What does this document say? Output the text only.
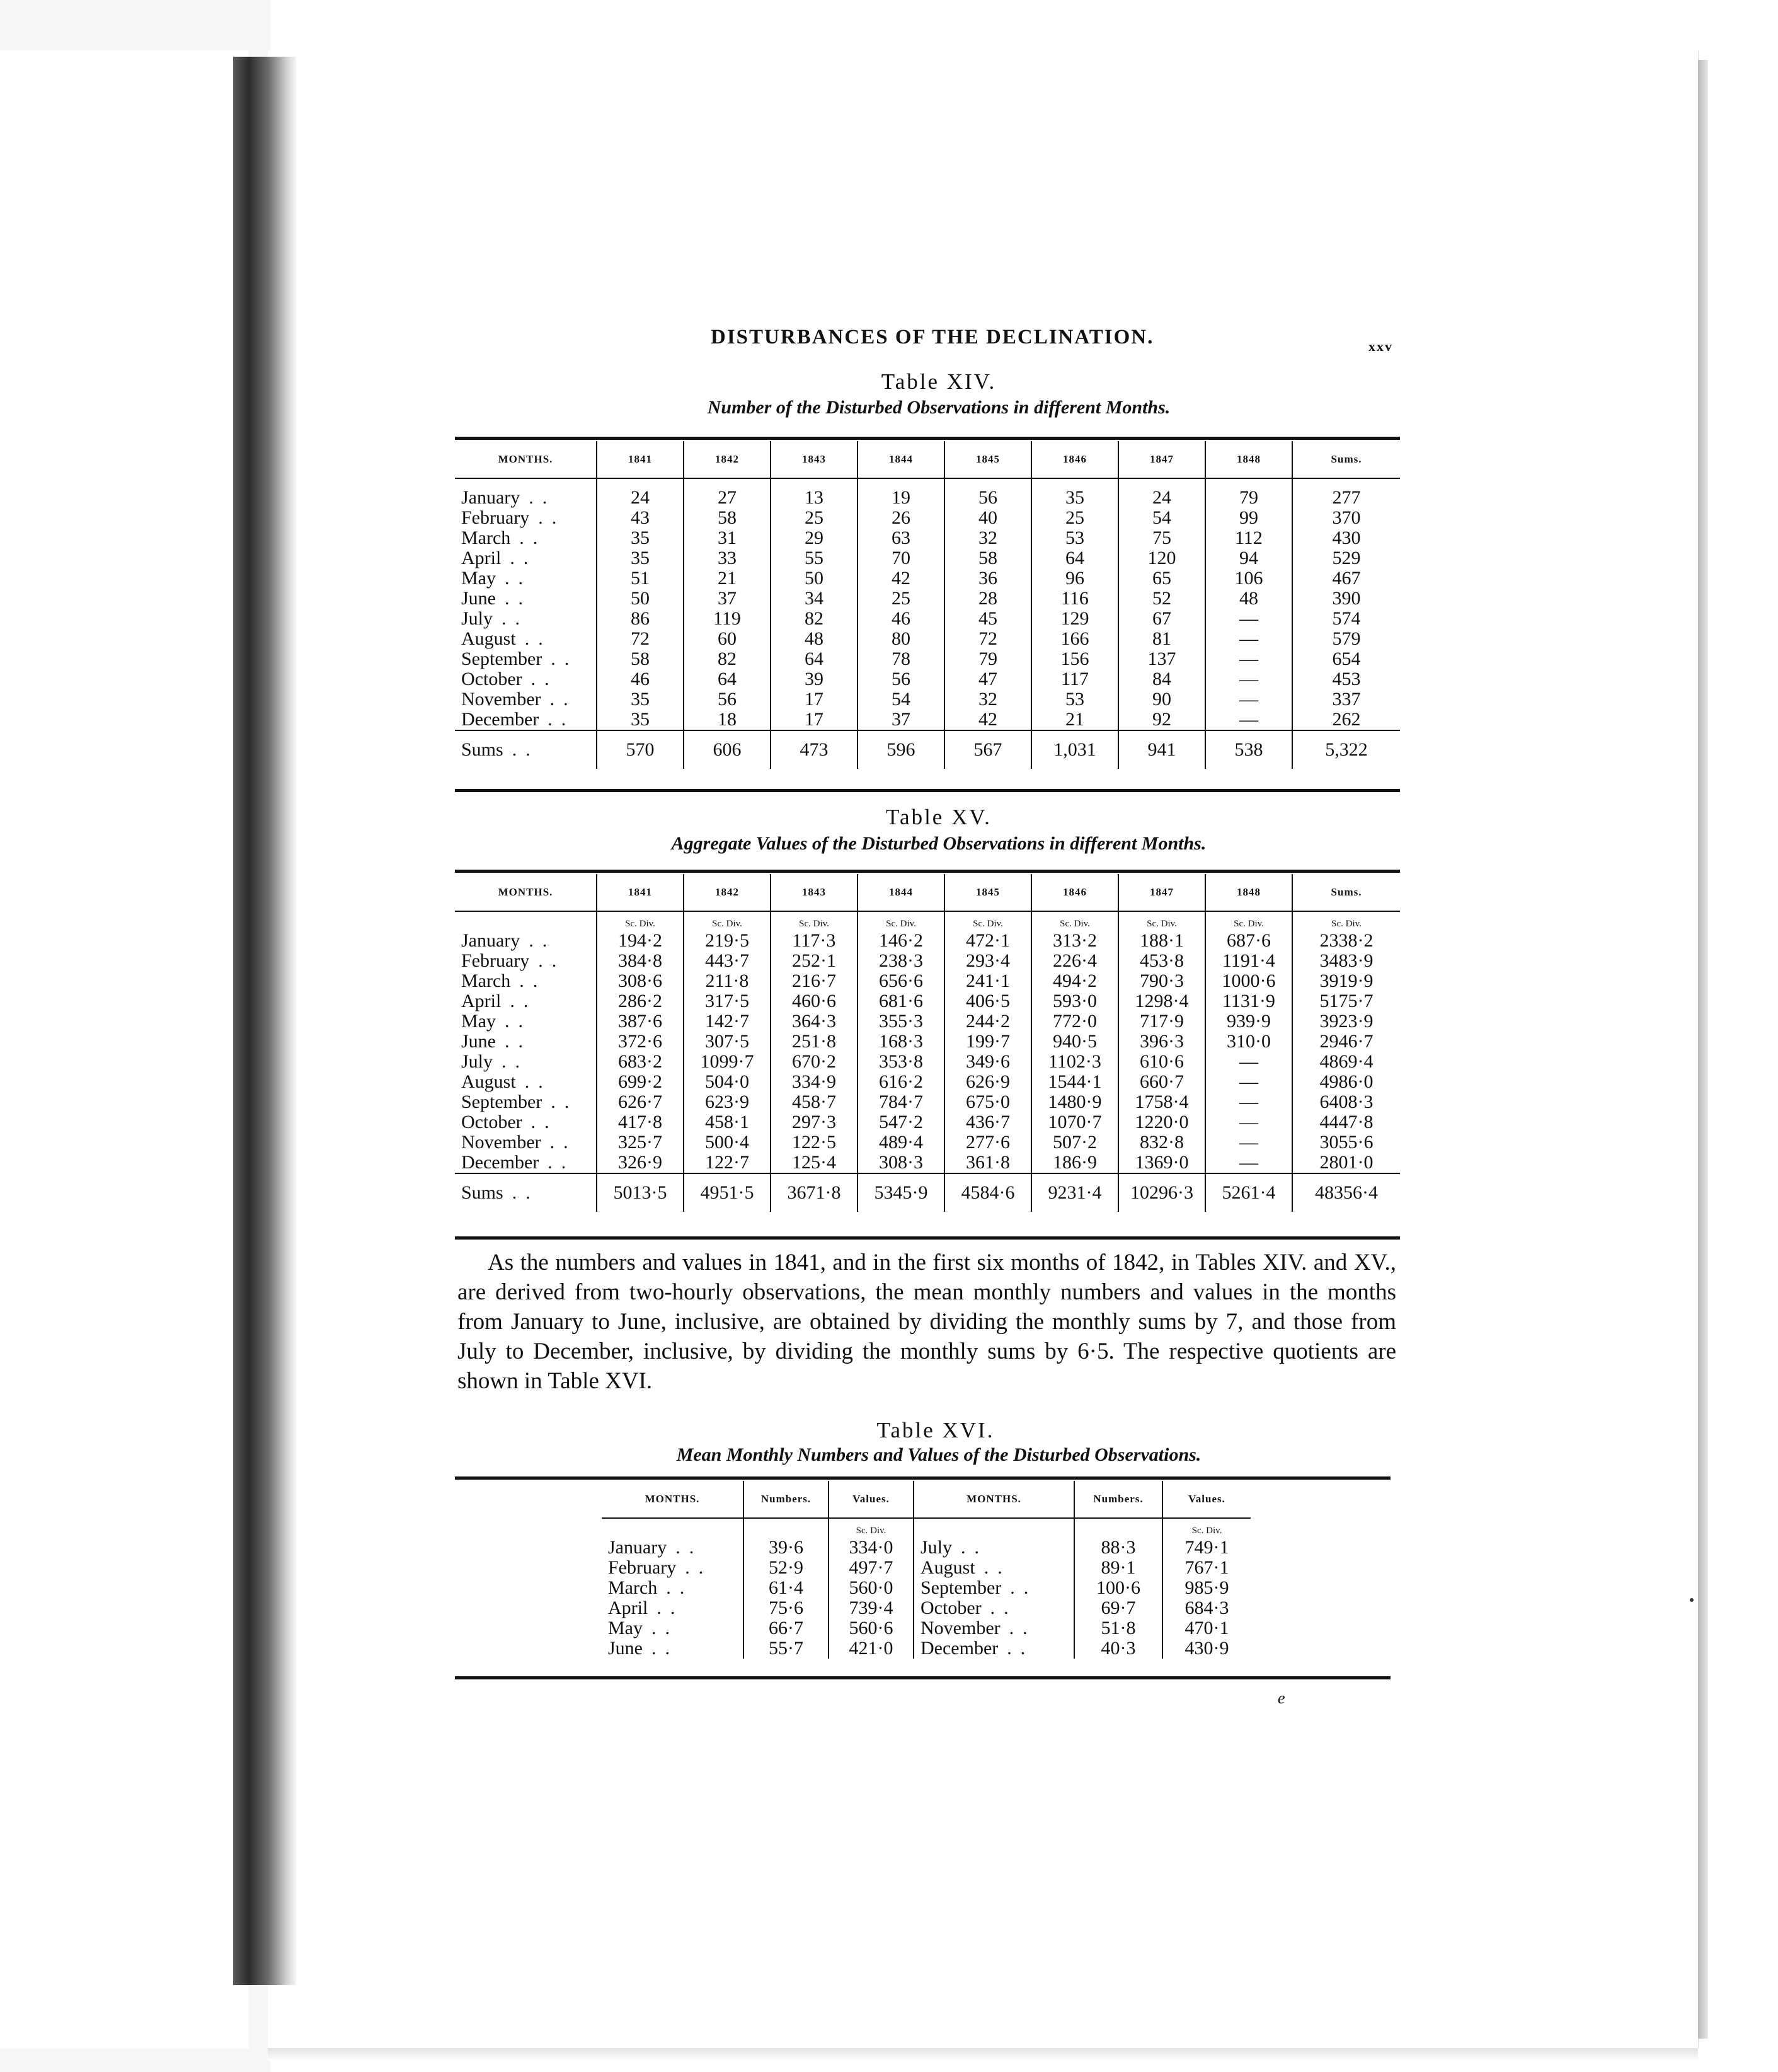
DISTURBANCES OF THE DECLINATION.	xxv
Table XIV.
Number of the Disturbed Observations in different Months.
MONTHS.	1841	1842	1843	1844	1845	1846	1847	1848	Sums.
January ..	24	27	13	19	56	35	24	79	277
February ..	43	58	25	26	40	25	54	99	370
March ..	35	31	29	63	32	53	75	112	430
April ..	35	33	55	70	58	64	120	94	529
May ..	51	21	50	42	36	96	65	106	467
June ..	50	37	34	25	28	116	52	48	390
July ..	86	119	82	46	45	129	67	—	574
August ..	72	60	48	80	72	166	81	—	579
September ..	58	82	64	78	79	156	137	—	654
October ..	46	64	39	56	47	117	84	—	453
November ..	35	56	17	54	32	53	90	—	337
December ..	35	18	17	37	42	21	92	—	262
Sums ..	570	606	473	596	567	1,031	941	538	5,322
Table XV.
Aggregate Values of the Disturbed Observations in different Months.
MONTHS.	1841	1842	1843	1844	1845	1846	1847	1848	Sums.
	Sc. Div.	Sc. Div.	Sc. Div.	Sc. Div.	Sc. Div.	Sc. Div.	Sc. Div.	Sc. Div.	Sc. Div.
January ..	194·2	219·5	117·3	146·2	472·1	313·2	188·1	687·6	2338·2
February ..	384·8	443·7	252·1	238·3	293·4	226·4	453·8	1191·4	3483·9
March ..	308·6	211·8	216·7	656·6	241·1	494·2	790·3	1000·6	3919·9
April ..	286·2	317·5	460·6	681·6	406·5	593·0	1298·4	1131·9	5175·7
May ..	387·6	142·7	364·3	355·3	244·2	772·0	717·9	939·9	3923·9
June ..	372·6	307·5	251·8	168·3	199·7	940·5	396·3	310·0	2946·7
July ..	683·2	1099·7	670·2	353·8	349·6	1102·3	610·6	—	4869·4
August ..	699·2	504·0	334·9	616·2	626·9	1544·1	660·7	—	4986·0
September ..	626·7	623·9	458·7	784·7	675·0	1480·9	1758·4	—	6408·3
October ..	417·8	458·1	297·3	547·2	436·7	1070·7	1220·0	—	4447·8
November ..	325·7	500·4	122·5	489·4	277·6	507·2	832·8	—	3055·6
December ..	326·9	122·7	125·4	308·3	361·8	186·9	1369·0	—	2801·0
Sums ..	5013·5	4951·5	3671·8	5345·9	4584·6	9231·4	10296·3	5261·4	48356·4

As the numbers and values in 1841, and in the first six months of 1842, in Tables XIV. and XV., are derived from two-hourly observations, the mean monthly numbers and values in the months from January to June, inclusive, are obtained by dividing the monthly sums by 7, and those from July to December, inclusive, by dividing the monthly sums by 6·5. The respective quotients are shown in Table XVI.

Table XVI.
Mean Monthly Numbers and Values of the Disturbed Observations.
MONTHS.	Numbers.	Values.	MONTHS.	Numbers.	Values.
		Sc. Div.			Sc. Div.
January ..	39·6	334·0	July ..	88·3	749·1
February ..	52·9	497·7	August ..	89·1	767·1
March ..	61·4	560·0	September ..	100·6	985·9
April ..	75·6	739·4	October ..	69·7	684·3
May ..	66·7	560·6	November ..	51·8	470·1
June ..	55·7	421·0	December ..	40·3	430·9
e
